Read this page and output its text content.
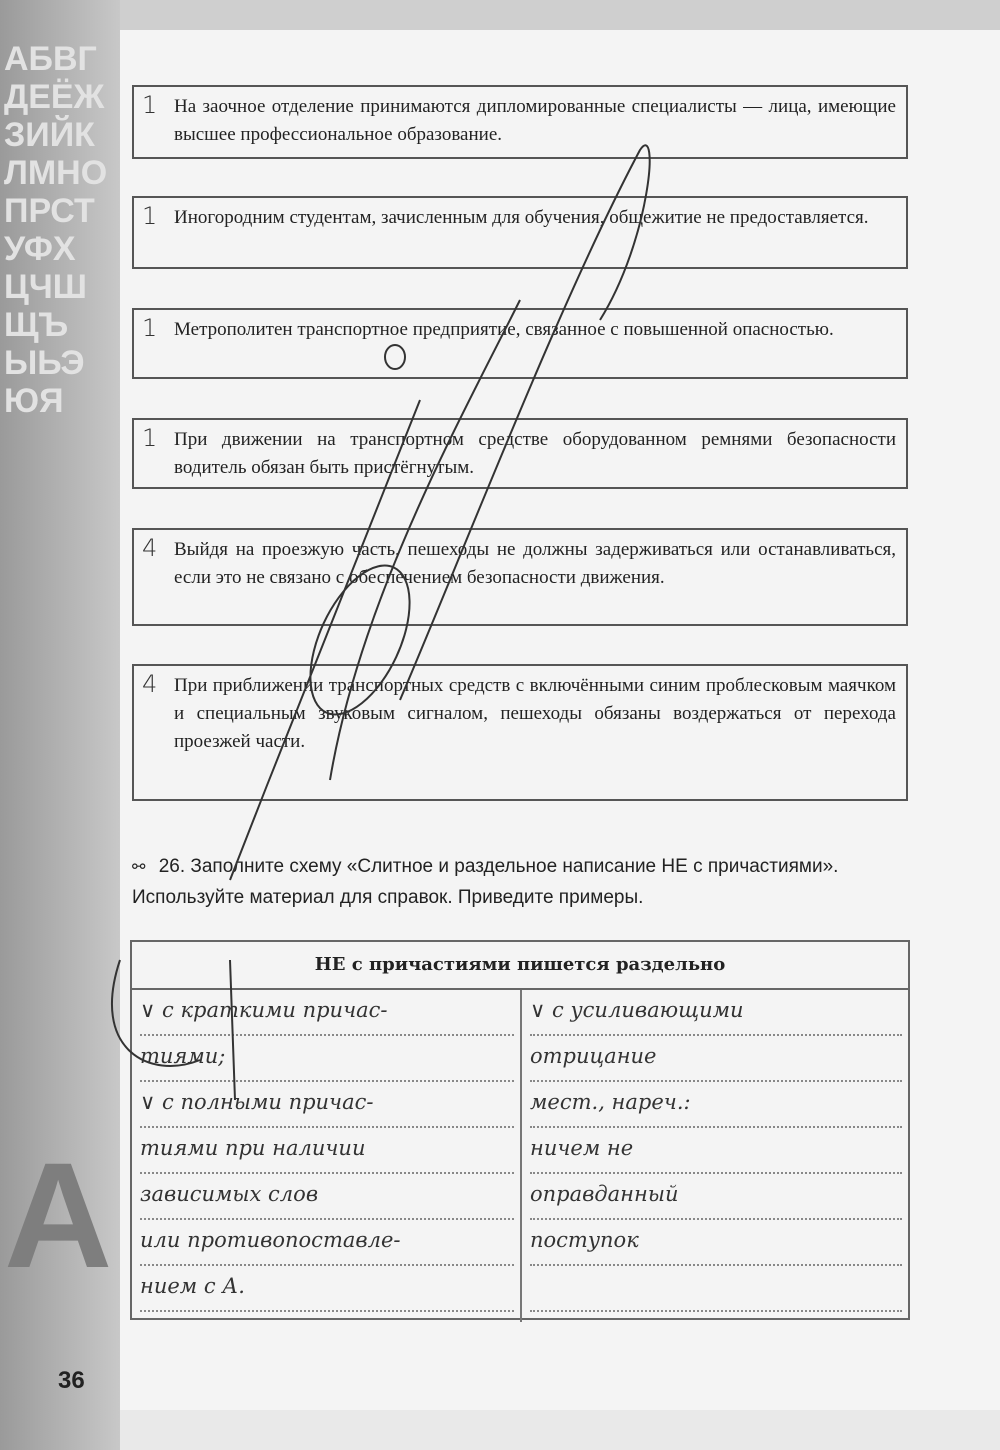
АБВГДЕЁЖ
ЗИЙК
ЛМНО
ПРСТУФХ
ЦЧШЩЪ
ЫЬЭЮЯ
A
1 На заочное отделение принимаются дипломированные специалисты — лица, имеющие высшее профессиональное образование.
1 Иногородним студентам, зачисленным для обучения, общежитие не предоставляется.
1 Метрополитен транспортное предприятие, связанное с повышенной опасностью.
1 При движении на транспортном средстве оборудованном ремнями безопасности водитель обязан быть пристёгнутым.
4 Выйдя на проезжую часть, пешеходы не должны задерживаться или останавливаться, если это не связано с обеспечением безопасности движения.
4 При приближении транспортных средств с включёнными синим проблесковым маячком и специальным звуковым сигналом, пешеходы обязаны воздержаться от перехода проезжей части.
⚯ 26. Заполните схему «Слитное и раздельное написание НЕ с причастиями». Используйте материал для справок. Приведите примеры.
НЕ с причастиями пишется раздельно
∨ с краткими причас-
тиями;
∨ с полными причас-
тиями при наличии
зависимых слов
или противопоставле-
нием с А.
∨ с усиливающими
отрицание
мест., нареч.:
ничем не
оправданный
поступок
36
